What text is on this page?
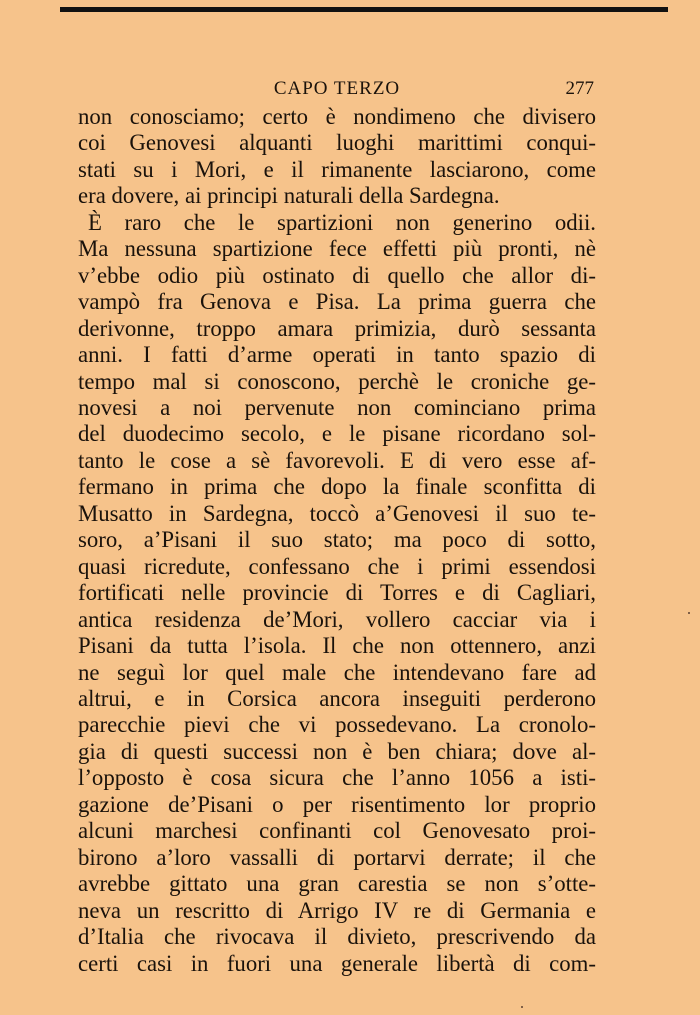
CAPO TERZO	277
non conosciamo; certo è nondimeno che divisero
coi Genovesi alquanti luoghi marittimi conqui-
stati su i Mori, e il rimanente lasciarono, come
era dovere, ai principi naturali della Sardegna.
È raro che le spartizioni non generino odii.
Ma nessuna spartizione fece effetti più pronti, nè
v’ebbe odio più ostinato di quello che allor di-
vampò fra Genova e Pisa. La prima guerra che
derivonne, troppo amara primizia, durò sessanta
anni. I fatti d’arme operati in tanto spazio di
tempo mal si conoscono, perchè le croniche ge-
novesi a noi pervenute non cominciano prima
del duodecimo secolo, e le pisane ricordano sol-
tanto le cose a sè favorevoli. E di vero esse af-
fermano in prima che dopo la finale sconfitta di
Musatto in Sardegna, toccò a’Genovesi il suo te-
soro, a’Pisani il suo stato; ma poco di sotto,
quasi ricredute, confessano che i primi essendosi
fortificati nelle provincie di Torres e di Cagliari,
antica residenza de’Mori, vollero cacciar via i
Pisani da tutta l’isola. Il che non ottennero, anzi
ne seguì lor quel male che intendevano fare ad
altrui, e in Corsica ancora inseguiti perderono
parecchie pievi che vi possedevano. La cronolo-
gia di questi successi non è ben chiara; dove al-
l’opposto è cosa sicura che l’anno 1056 a isti-
gazione de’Pisani o per risentimento lor proprio
alcuni marchesi confinanti col Genovesato proi-
birono a’loro vassalli di portarvi derrate; il che
avrebbe gittato una gran carestia se non s’otte-
neva un rescritto di Arrigo IV re di Germania e
d’Italia che rivocava il divieto, prescrivendo da
certi casi in fuori una generale libertà di com-
